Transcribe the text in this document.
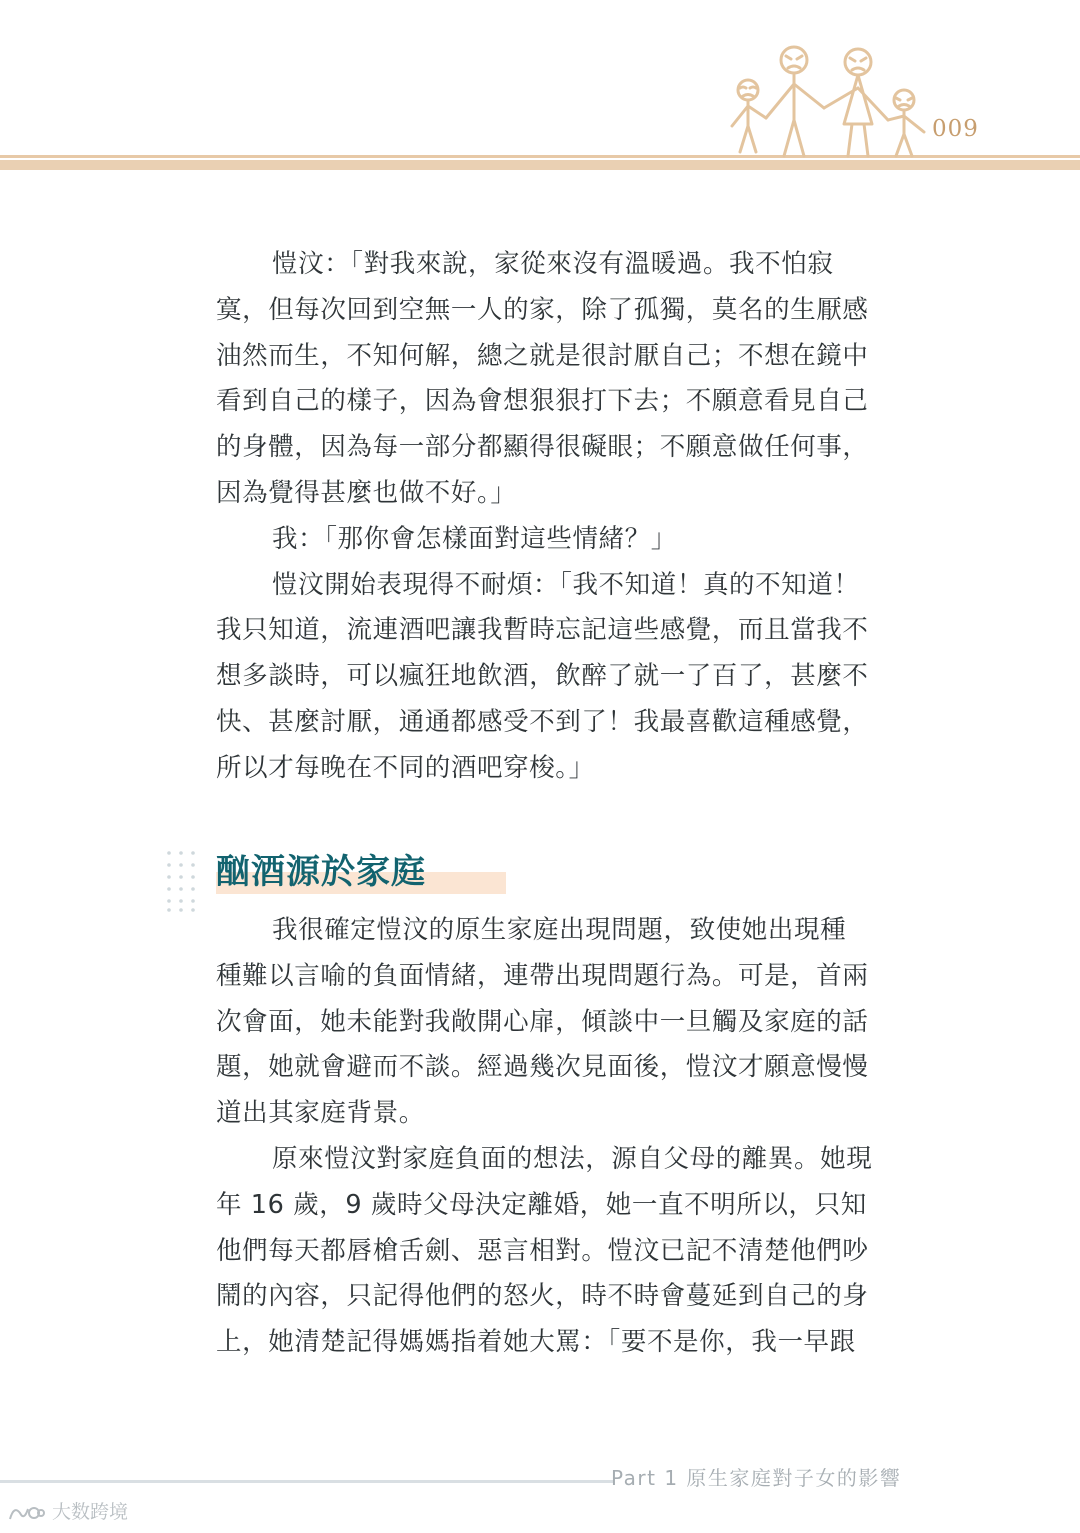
009

愷汶：「對我來說，家從來沒有溫暖過。我不怕寂
寞，但每次回到空無一人的家，除了孤獨，莫名的生厭感
油然而生，不知何解，總之就是很討厭自己；不想在鏡中
看到自己的樣子，因為會想狠狠打下去；不願意看見自己
的身體，因為每一部分都顯得很礙眼；不願意做任何事，
因為覺得甚麼也做不好。」

我：「那你會怎樣面對這些情緒？」

愷汶開始表現得不耐煩：「我不知道！真的不知道！
我只知道，流連酒吧讓我暫時忘記這些感覺，而且當我不
想多談時，可以瘋狂地飲酒，飲醉了就一了百了，甚麼不
快、甚麼討厭，通通都感受不到了！我最喜歡這種感覺，
所以才每晚在不同的酒吧穿梭。」

酗酒源於家庭

我很確定愷汶的原生家庭出現問題，致使她出現種
種難以言喻的負面情緒，連帶出現問題行為。可是，首兩
次會面，她未能對我敞開心扉，傾談中一旦觸及家庭的話
題，她就會避而不談。經過幾次見面後，愷汶才願意慢慢
道出其家庭背景。

原來愷汶對家庭負面的想法，源自父母的離異。她現
年 16 歲，9 歲時父母決定離婚，她一直不明所以，只知
他們每天都唇槍舌劍、惡言相對。愷汶已記不清楚他們吵
鬧的內容，只記得他們的怒火，時不時會蔓延到自己的身
上，她清楚記得媽媽指着她大罵：「要不是你，我一早跟

Part 1 原生家庭對子女的影響
大数跨境
